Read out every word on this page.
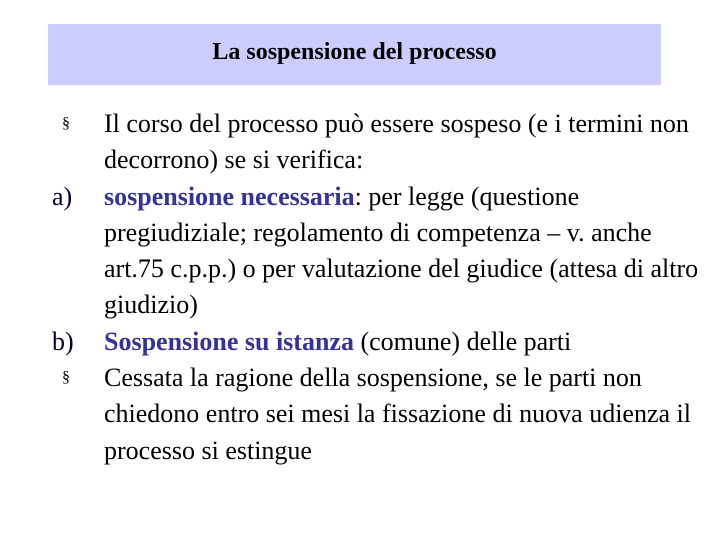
La sospensione del processo
§	Il corso del processo può essere sospeso (e i termini non decorrono) se si verifica:
a)	sospensione necessaria: per legge (questione pregiudiziale; regolamento di competenza – v. anche art.75 c.p.p.) o per valutazione del giudice (attesa di altro giudizio)
b)	Sospensione su istanza (comune) delle parti
§	Cessata la ragione della sospensione, se le parti non chiedono entro sei mesi la fissazione di nuova udienza il processo si estingue
